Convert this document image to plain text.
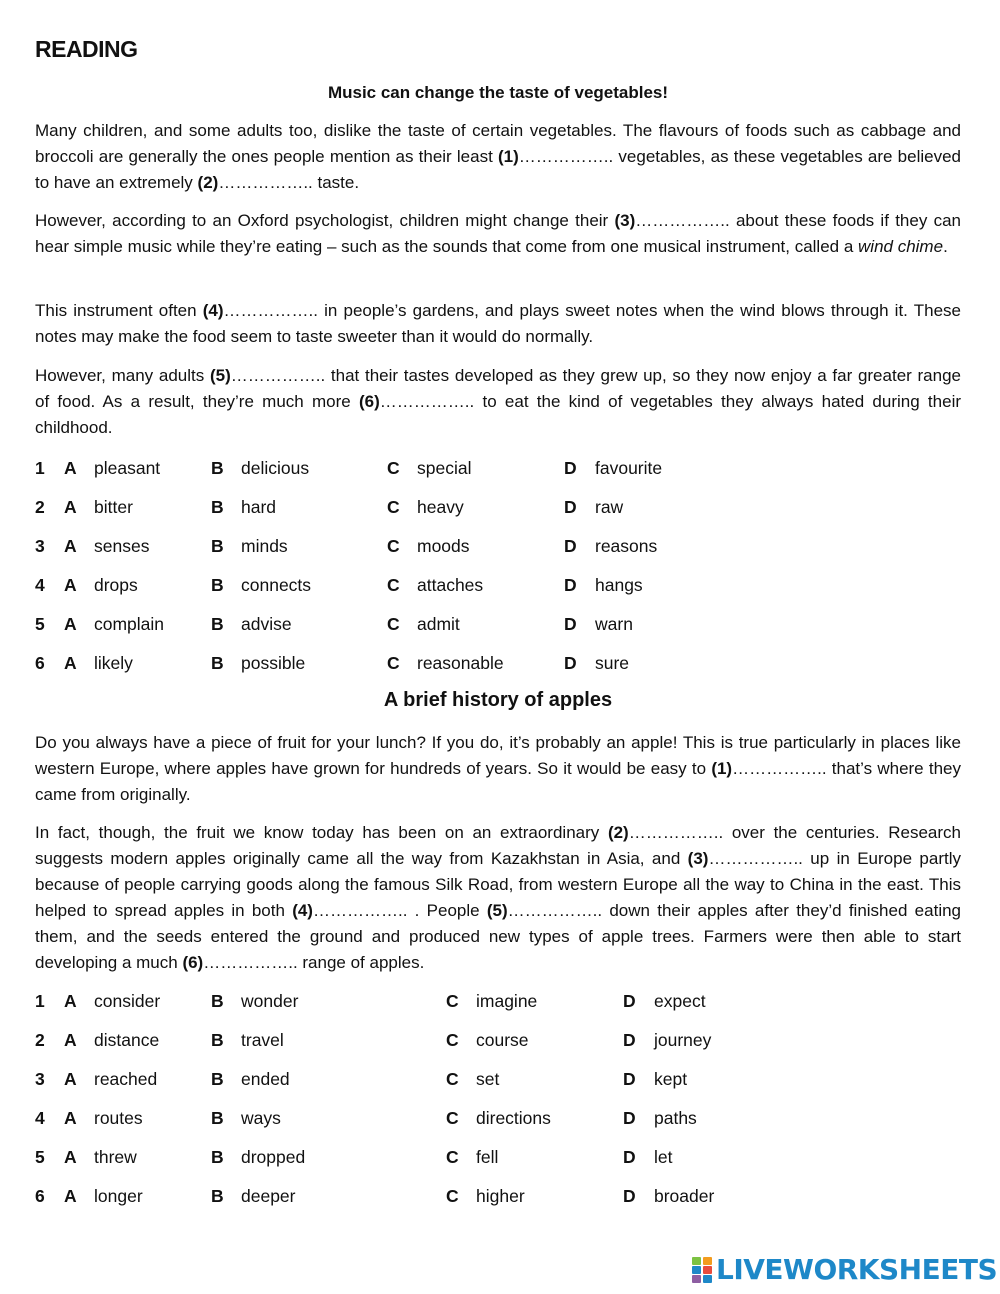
READING
Music can change the taste of vegetables!
Many children, and some adults too, dislike the taste of certain vegetables. The flavours of foods such as cabbage and broccoli are generally the ones people mention as their least (1)…………….. vegetables, as these vegetables are believed to have an extremely (2)…………….. taste.
However, according to an Oxford psychologist, children might change their (3)…………….. about these foods if they can hear simple music while they’re eating – such as the sounds that come from one musical instrument, called a wind chime.
This instrument often (4)…………….. in people’s gardens, and plays sweet notes when the wind blows through it. These notes may make the food seem to taste sweeter than it would do normally.
However, many adults (5)…………….. that their tastes developed as they grew up, so they now enjoy a far greater range of food. As a result, they’re much more (6)…………….. to eat the kind of vegetables they always hated during their childhood.
1 A pleasant	B delicious	C special	D favourite
2 A bitter	B hard	C heavy	D raw
3 A senses	B minds	C moods	D reasons
4 A drops	B connects	C attaches	D hangs
5 A complain	B advise	C admit	D warn
6 A likely	B possible	C reasonable	D sure
A brief history of apples
Do you always have a piece of fruit for your lunch? If you do, it’s probably an apple! This is true particularly in places like western Europe, where apples have grown for hundreds of years. So it would be easy to (1)…………….. that’s where they came from originally.
In fact, though, the fruit we know today has been on an extraordinary (2)…………….. over the centuries. Research suggests modern apples originally came all the way from Kazakhstan in Asia, and (3)…………….. up in Europe partly because of people carrying goods along the famous Silk Road, from western Europe all the way to China in the east. This helped to spread apples in both (4)…………….. . People (5)…………….. down their apples after they’d finished eating them, and the seeds entered the ground and produced new types of apple trees. Farmers were then able to start developing a much (6)…………….. range of apples.
1 A consider	B wonder	C imagine	D expect
2 A distance	B travel	C course	D journey
3 A reached	B ended	C set	D kept
4 A routes	B ways	C directions	D paths
5 A threw	B dropped	C fell	D let
6 A longer	B deeper	C higher	D broader
LIVEWORKSHEETS
